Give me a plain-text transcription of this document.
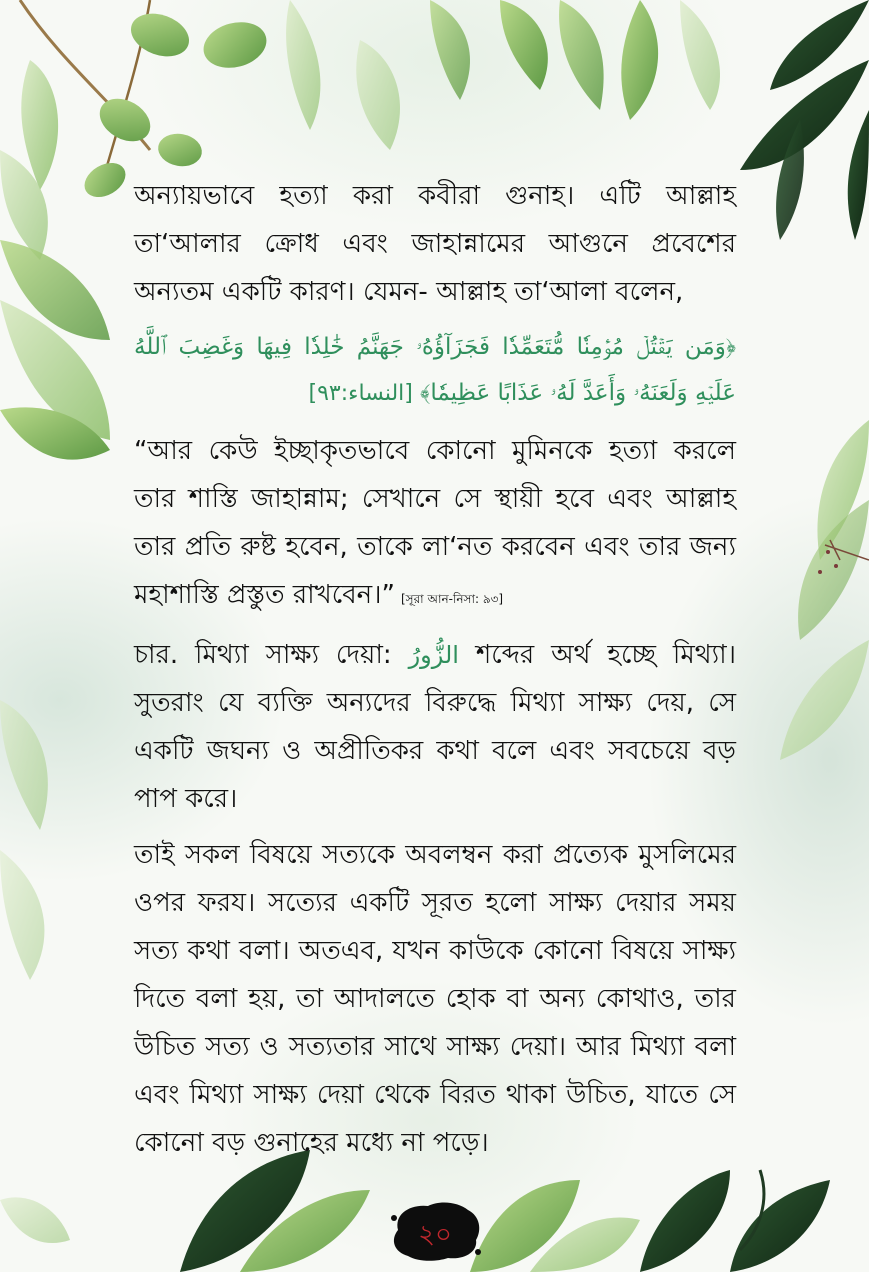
অন্যায়ভাবে হত্যা করা কবীরা গুনাহ। এটি আল্লাহ তা‘আলার ক্রোধ এবং জাহান্নামের আগুনে প্রবেশের অন্যতম একটি কারণ। যেমন- আল্লাহ তা‘আলা বলেন,

﴿وَمَن يَقۡتُلۡ مُؤۡمِنٗا مُّتَعَمِّدٗا فَجَزَآؤُهُۥ جَهَنَّمُ خَٰلِدٗا فِيهَا وَغَضِبَ ٱللَّهُ عَلَيۡهِ وَلَعَنَهُۥ وَأَعَدَّ لَهُۥ عَذَابًا عَظِيمٗا﴾ [النساء:٩٣]

“আর কেউ ইচ্ছাকৃতভাবে কোনো মুমিনকে হত্যা করলে তার শাস্তি জাহান্নাম; সেখানে সে স্থায়ী হবে এবং আল্লাহ তার প্রতি রুষ্ট হবেন, তাকে লা‘নত করবেন এবং তার জন্য মহাশাস্তি প্রস্তুত রাখবেন।” [সূরা আন-নিসা: ৯৩]

চার. মিথ্যা সাক্ষ্য দেয়া: الزُّورُ শব্দের অর্থ হচ্ছে মিথ্যা। সুতরাং যে ব্যক্তি অন্যদের বিরুদ্ধে মিথ্যা সাক্ষ্য দেয়, সে একটি জঘন্য ও অপ্রীতিকর কথা বলে এবং সবচেয়ে বড় পাপ করে।

তাই সকল বিষয়ে সত্যকে অবলম্বন করা প্রত্যেক মুসলিমের ওপর ফরয। সত্যের একটি সূরত হলো সাক্ষ্য দেয়ার সময় সত্য কথা বলা। অতএব, যখন কাউকে কোনো বিষয়ে সাক্ষ্য দিতে বলা হয়, তা আদালতে হোক বা অন্য কোথাও, তার উচিত সত্য ও সত্যতার সাথে সাক্ষ্য দেয়া। আর মিথ্যা বলা এবং মিথ্যা সাক্ষ্য দেয়া থেকে বিরত থাকা উচিত, যাতে সে কোনো বড় গুনাহের মধ্যে না পড়ে।

২০
